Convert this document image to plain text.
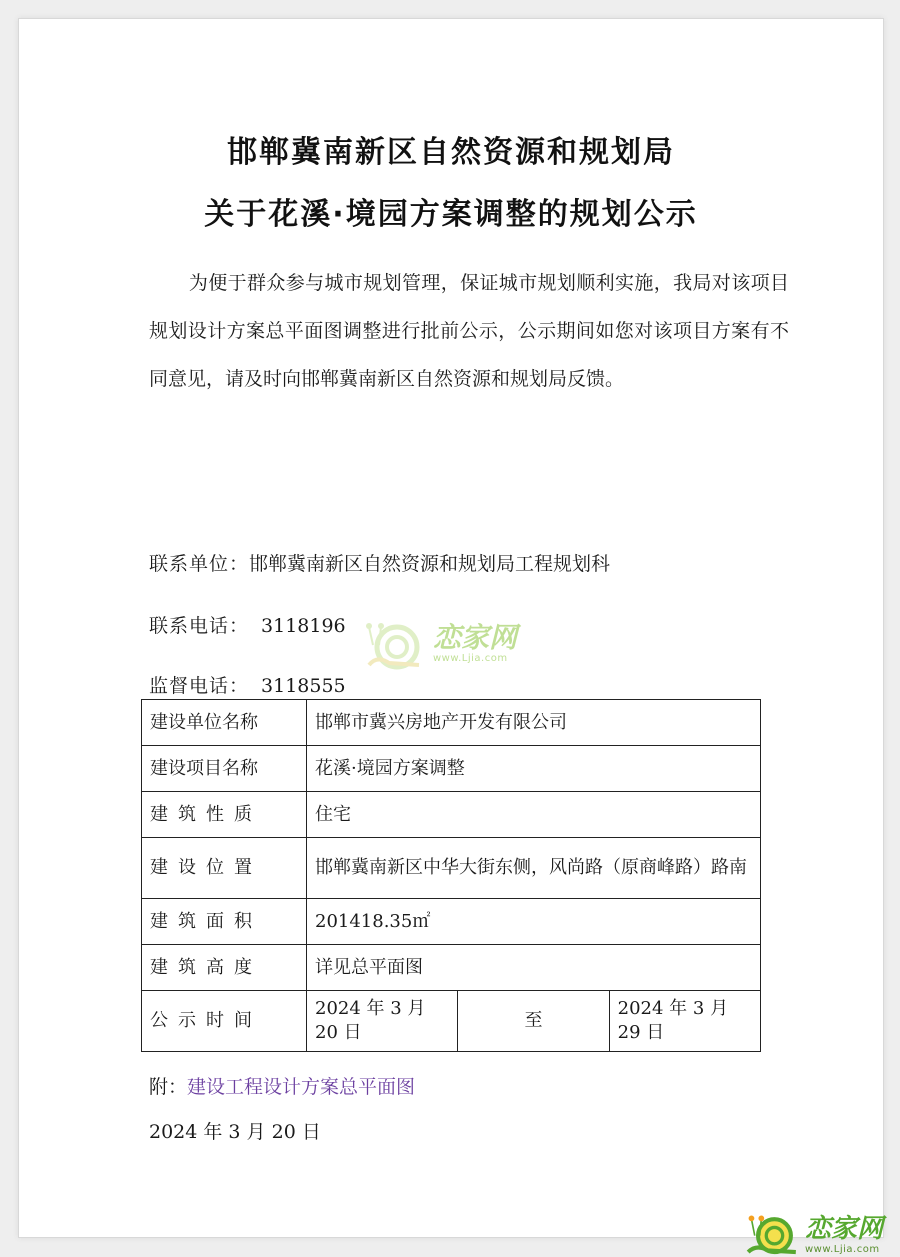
邯郸冀南新区自然资源和规划局
关于花溪·境园方案调整的规划公示

为便于群众参与城市规划管理，保证城市规划顺利实施，我局对该项目规划设计方案总平面图调整进行批前公示，公示期间如您对该项目方案有不同意见，请及时向邯郸冀南新区自然资源和规划局反馈。

联系单位：邯郸冀南新区自然资源和规划局工程规划科
联系电话： 3118196
监督电话： 3118555
建设单位名称	邯郸市冀兴房地产开发有限公司		
建设项目名称	花溪·境园方案调整		
建筑性质	住宅		
建设位置	邯郸冀南新区中华大街东侧，风尚路（原商峰路）路南		
建筑面积	201418.35㎡		
建筑高度	详见总平面图		
公示时间	2024 年 3 月 20 日	至	2024 年 3 月 29 日
附：建设工程设计方案总平面图
2024 年 3 月 20 日
恋家网
www.Ljia.com
恋家网
www.Ljia.com
